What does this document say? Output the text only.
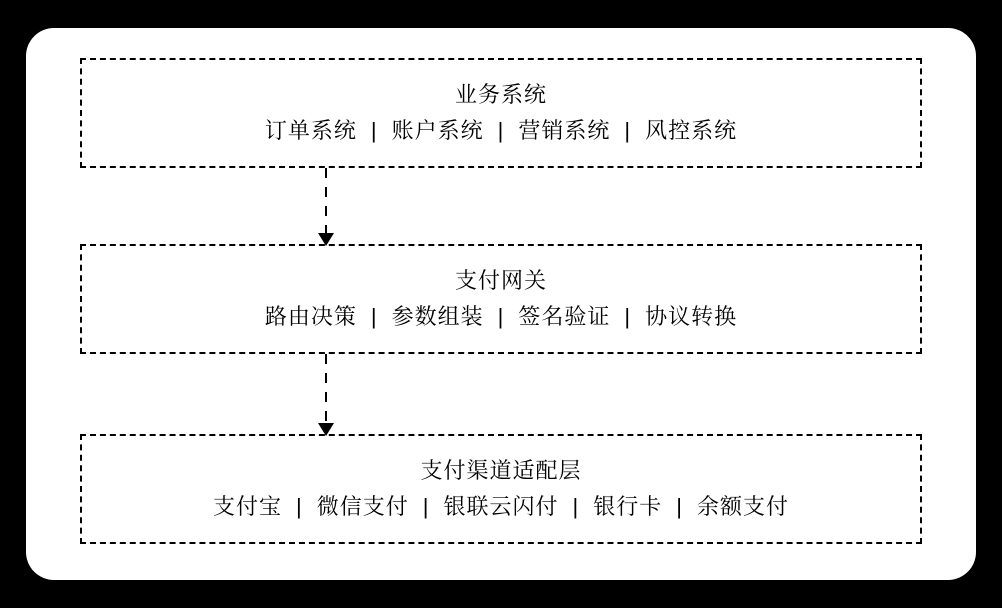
业务系统
订单系统 | 账户系统 | 营销系统 | 风控系统
支付网关
路由决策 | 参数组装 | 签名验证 | 协议转换
支付渠道适配层
支付宝 | 微信支付 | 银联云闪付 | 银行卡 | 余额支付
